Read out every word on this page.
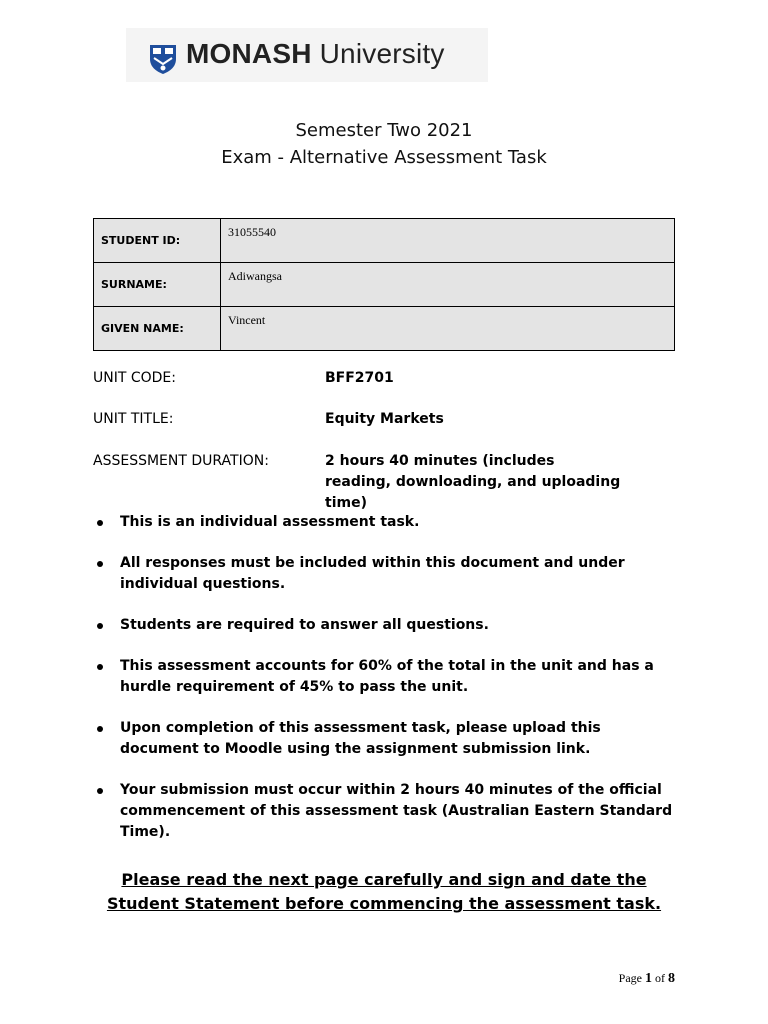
MONASH University
Semester Two 2021
Exam - Alternative Assessment Task
STUDENT ID:	31055540
SURNAME:	Adiwangsa
GIVEN NAME:	Vincent
UNIT CODE:	BFF2701
UNIT TITLE:	Equity Markets
ASSESSMENT DURATION:	2 hours 40 minutes (includes reading, downloading, and uploading time)
This is an individual assessment task.
All responses must be included within this document and under individual questions.
Students are required to answer all questions.
This assessment accounts for 60% of the total in the unit and has a hurdle requirement of 45% to pass the unit.
Upon completion of this assessment task, please upload this document to Moodle using the assignment submission link.
Your submission must occur within 2 hours 40 minutes of the official commencement of this assessment task (Australian Eastern Standard Time).
Please read the next page carefully and sign and date the Student Statement before commencing the assessment task.
Page 1 of 8
